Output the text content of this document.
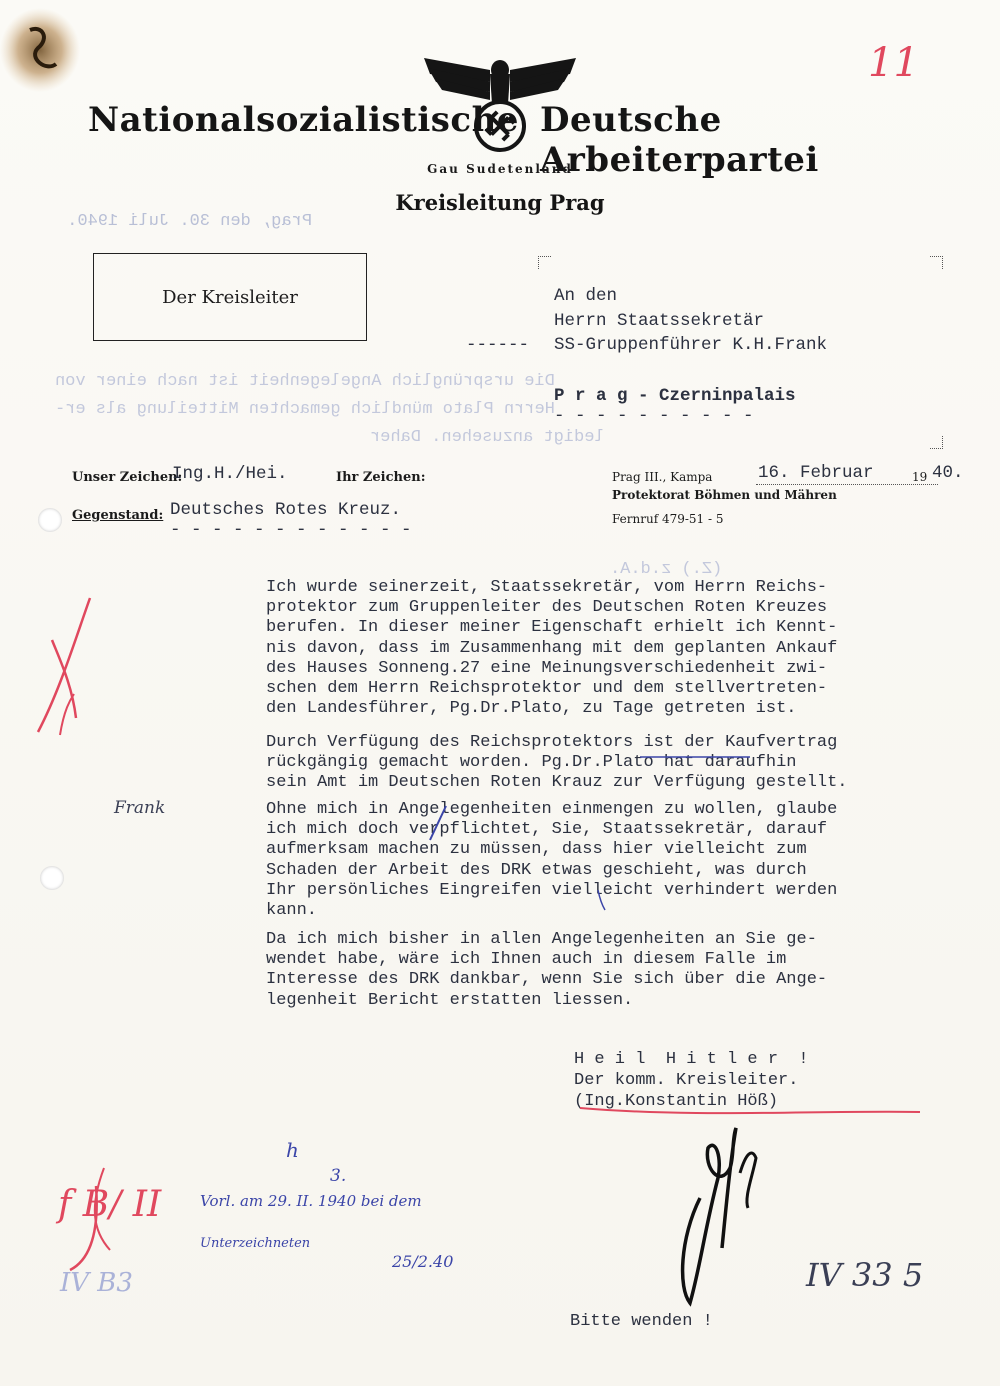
11
Nationalsozialistische Deutsche Arbeiterpartei
Gau Sudetenland
Kreisleitung Prag
Prag, den 30. Juli 1940.
Die ursprünglich Angelegenheit ist nach einer von
Herrn Plato mündlich gemachten Mitteilung als er-
ledigt anzusehen. Daher
(Z.) z.d.A.
Der Kreisleiter	An den
Herrn Staatssekretär
------ SS-Gruppenführer K.H.Frank
P r a g - Czerninpalais
- - - - - - - - - -
Unser Zeichen:
Ing.H./Hei.	Ihr Zeichen:	Prag III., Kampa	16. Februar	19 40.
Protektorat Böhmen und Mähren
Gegenstand: Deutsches Rotes Kreuz.
- - - - - - - - - - - -
Fernruf 479-51 - 5
Ich wurde seinerzeit, Staatssekretär, vom Herrn Reichs-
protektor zum Gruppenleiter des Deutschen Roten Kreuzes
berufen. In dieser meiner Eigenschaft erhielt ich Kennt-
nis davon, dass im Zusammenhang mit dem geplanten Ankauf
des Hauses Sonneng.27 eine Meinungsverschiedenheit zwi-
schen dem Herrn Reichsprotektor und dem stellvertreten-
den Landesführer, Pg.Dr.Plato, zu Tage getreten ist.
Durch Verfügung des Reichsprotektors ist der Kaufvertrag
rückgängig gemacht worden. Pg.Dr.Plato hat daraufhin
sein Amt im Deutschen Roten Krauz zur Verfügung gestellt.
Ohne mich in Angelegenheiten einmengen zu wollen, glaube
ich mich doch verpflichtet, Sie, Staatssekretär, darauf
aufmerksam machen zu müssen, dass hier vielleicht zum
Schaden der Arbeit des DRK etwas geschieht, was durch
Ihr persönliches Eingreifen vielleicht verhindert werden
kann.
Da ich mich bisher in allen Angelegenheiten an Sie ge-
wendet habe, wäre ich Ihnen auch in diesem Falle im
Interesse des DRK dankbar, wenn Sie sich über die Ange-
legenheit Bericht erstatten liessen.
H e i l  H i t l e r  !
Der komm. Kreisleiter.
(Ing.Konstantin Höß)
Bitte wenden !
Frank
h
3.
Vorl. am 29. II. 1940 bei dem
Unterzeichneten
25/2.40	IV 33 5
f B/ II
IV B3
